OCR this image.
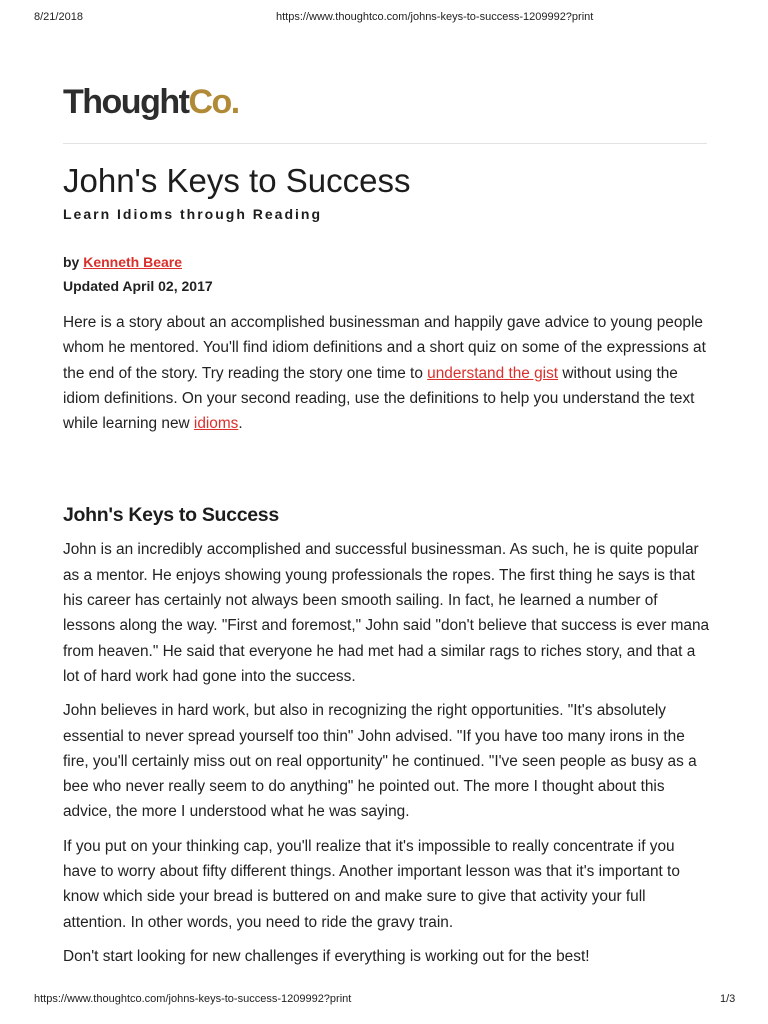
8/21/2018	https://www.thoughtco.com/johns-keys-to-success-1209992?print
ThoughtCo.
John's Keys to Success
Learn Idioms through Reading
by Kenneth Beare
Updated April 02, 2017

Here is a story about an accomplished businessman and happily gave advice to young people whom he mentored. You'll find idiom definitions and a short quiz on some of the expressions at the end of the story. Try reading the story one time to understand the gist without using the idiom definitions. On your second reading, use the definitions to help you understand the text while learning new idioms.

John's Keys to Success

John is an incredibly accomplished and successful businessman. As such, he is quite popular as a mentor. He enjoys showing young professionals the ropes. The first thing he says is that his career has certainly not always been smooth sailing. In fact, he learned a number of lessons along the way. "First and foremost," John said "don't believe that success is ever mana from heaven." He said that everyone he had met had a similar rags to riches story, and that a lot of hard work had gone into the success.

John believes in hard work, but also in recognizing the right opportunities. "It's absolutely essential to never spread yourself too thin" John advised. "If you have too many irons in the fire, you'll certainly miss out on real opportunity" he continued. "I've seen people as busy as a bee who never really seem to do anything" he pointed out. The more I thought about this advice, the more I understood what he was saying.

If you put on your thinking cap, you'll realize that it's impossible to really concentrate if you have to worry about fifty different things. Another important lesson was that it's important to know which side your bread is buttered on and make sure to give that activity your full attention. In other words, you need to ride the gravy train.

Don't start looking for new challenges if everything is working out for the best!

https://www.thoughtco.com/johns-keys-to-success-1209992?print	1/3
